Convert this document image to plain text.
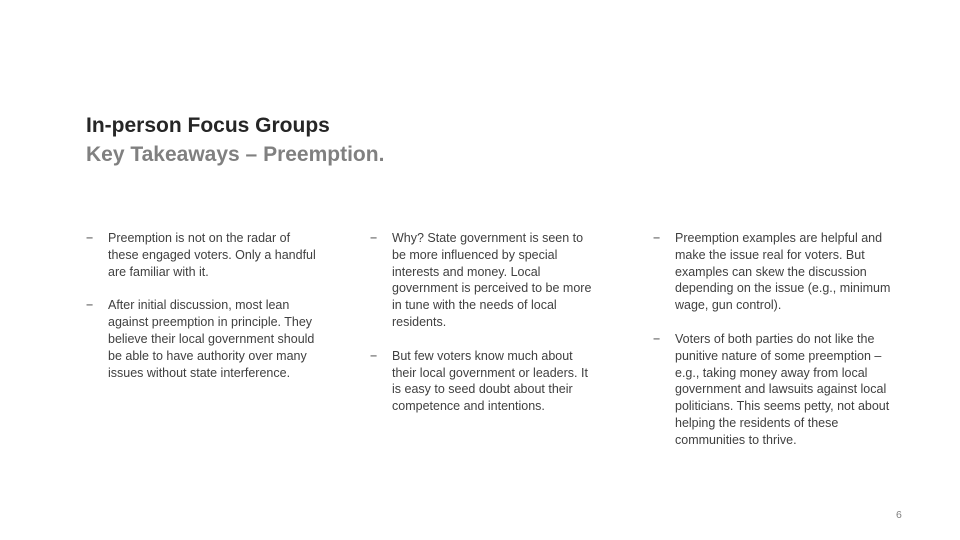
In-person Focus Groups
Key Takeaways – Preemption.
− Preemption is not on the radar of these engaged voters. Only a handful are familiar with it.
− After initial discussion, most lean against preemption in principle. They believe their local government should be able to have authority over many issues without state interference.
− Why? State government is seen to be more influenced by special interests and money. Local government is perceived to be more in tune with the needs of local residents.
− But few voters know much about their local government or leaders. It is easy to seed doubt about their competence and intentions.
− Preemption examples are helpful and make the issue real for voters. But examples can skew the discussion depending on the issue (e.g., minimum wage, gun control).
− Voters of both parties do not like the punitive nature of some preemption – e.g., taking money away from local government and lawsuits against local politicians. This seems petty, not about helping the residents of these communities to thrive.
6
